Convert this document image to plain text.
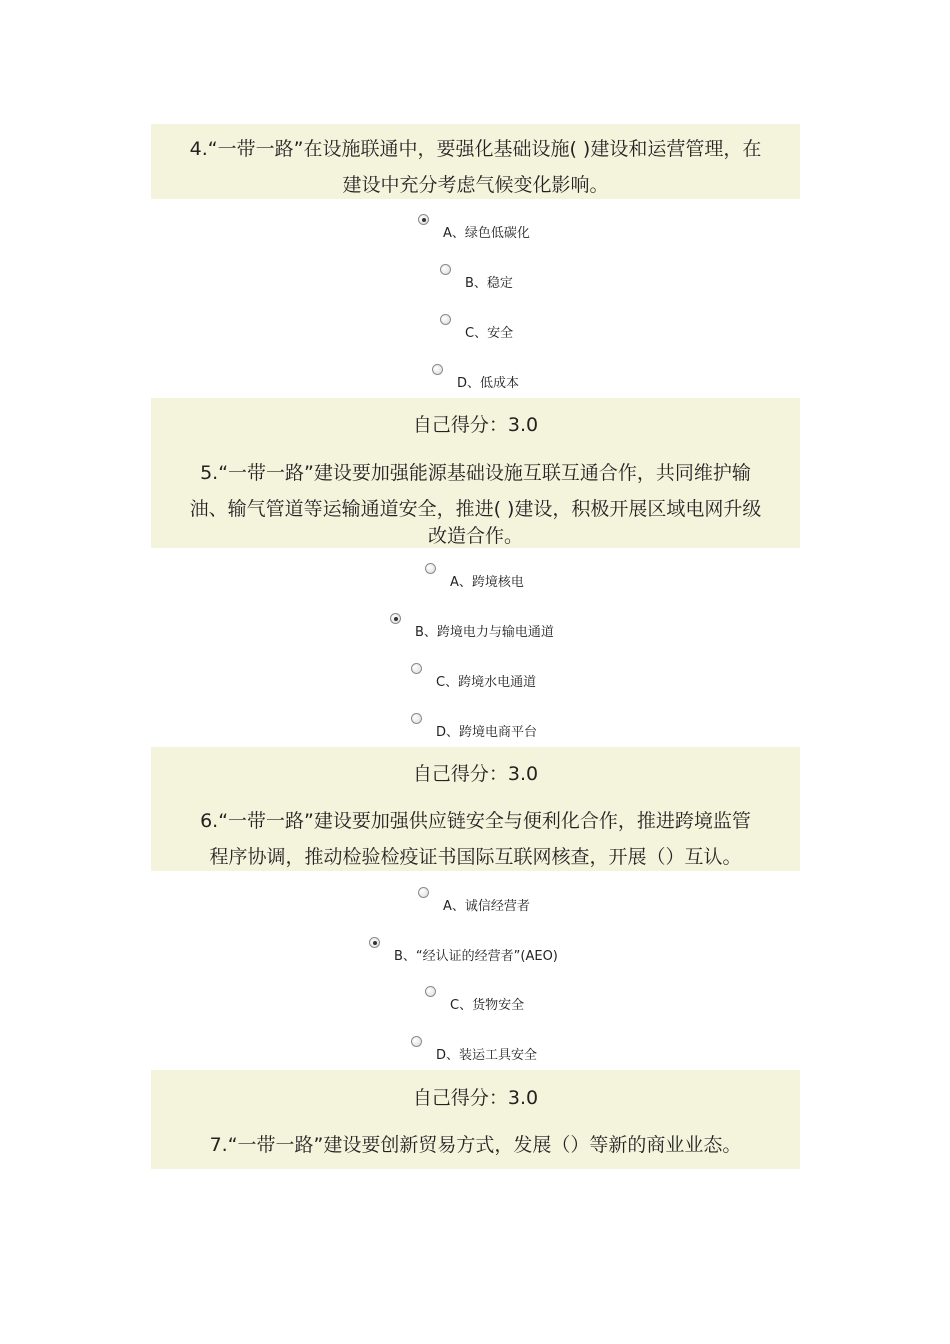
4.“一带一路”在设施联通中，要强化基础设施( )建设和运营管理，在
建设中充分考虑气候变化影响。
A、绿色低碳化
B、稳定
C、安全
D、低成本
自己得分：3.0
5.“一带一路”建设要加强能源基础设施互联互通合作，共同维护输
油、输气管道等运输通道安全，推进( )建设，积极开展区域电网升级
改造合作。
A、跨境核电
B、跨境电力与输电通道
C、跨境水电通道
D、跨境电商平台
自己得分：3.0
6.“一带一路”建设要加强供应链安全与便利化合作，推进跨境监管
程序协调，推动检验检疫证书国际互联网核查，开展（）互认。
A、诚信经营者
B、“经认证的经营者”(AEO)
C、货物安全
D、装运工具安全
自己得分：3.0
7.“一带一路”建设要创新贸易方式，发展（）等新的商业业态。
